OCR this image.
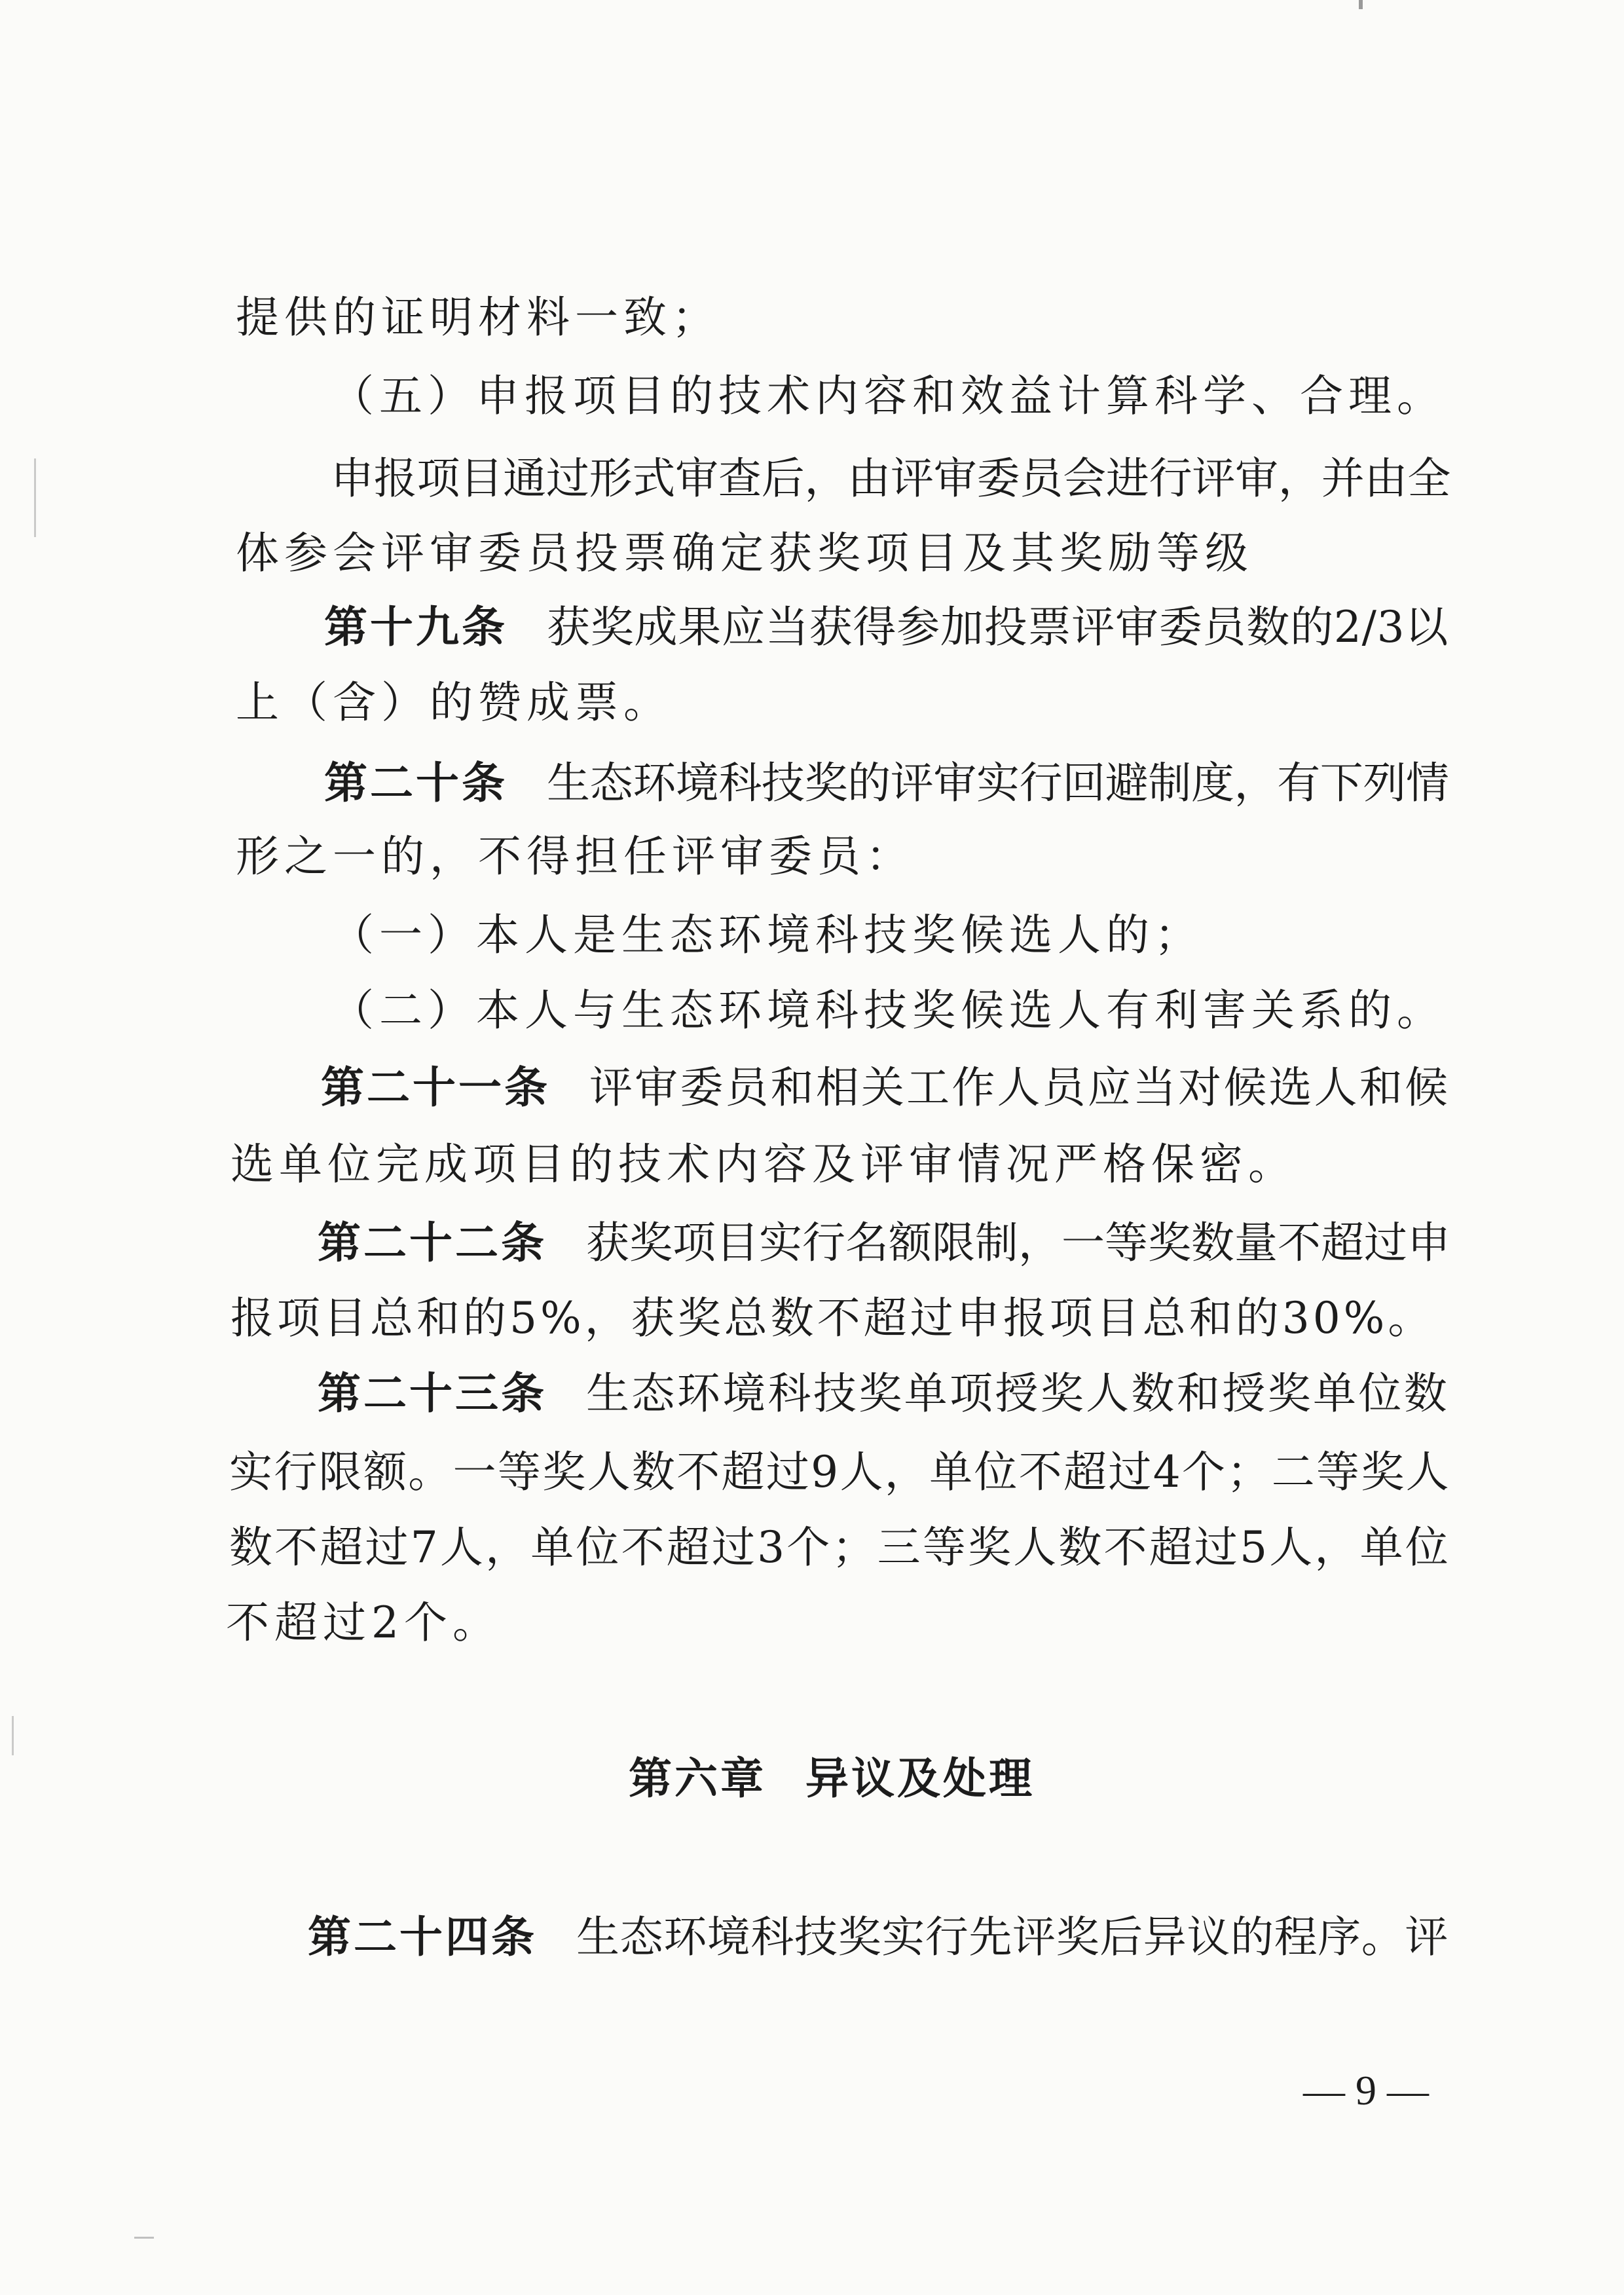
提供的证明材料一致；
（五）申报项目的技术内容和效益计算科学、合理。
申报项目通过形式审查后，由评审委员会进行评审，并由全
体参会评审委员投票确定获奖项目及其奖励等级
第十九条 获奖成果应当获得参加投票评审委员数的2/3以
上（含）的赞成票。
第二十条 生态环境科技奖的评审实行回避制度，有下列情
形之一的，不得担任评审委员：
（一）本人是生态环境科技奖候选人的；
（二）本人与生态环境科技奖候选人有利害关系的。
第二十一条 评审委员和相关工作人员应当对候选人和候
选单位完成项目的技术内容及评审情况严格保密。
第二十二条 获奖项目实行名额限制，一等奖数量不超过申
报项目总和的5%，获奖总数不超过申报项目总和的30%。
第二十三条 生态环境科技奖单项授奖人数和授奖单位数
实行限额。一等奖人数不超过9人，单位不超过4个；二等奖人
数不超过7人，单位不超过3个；三等奖人数不超过5人，单位
不超过2个。
第六章 异议及处理
第二十四条 生态环境科技奖实行先评奖后异议的程序。评
— 9 —
